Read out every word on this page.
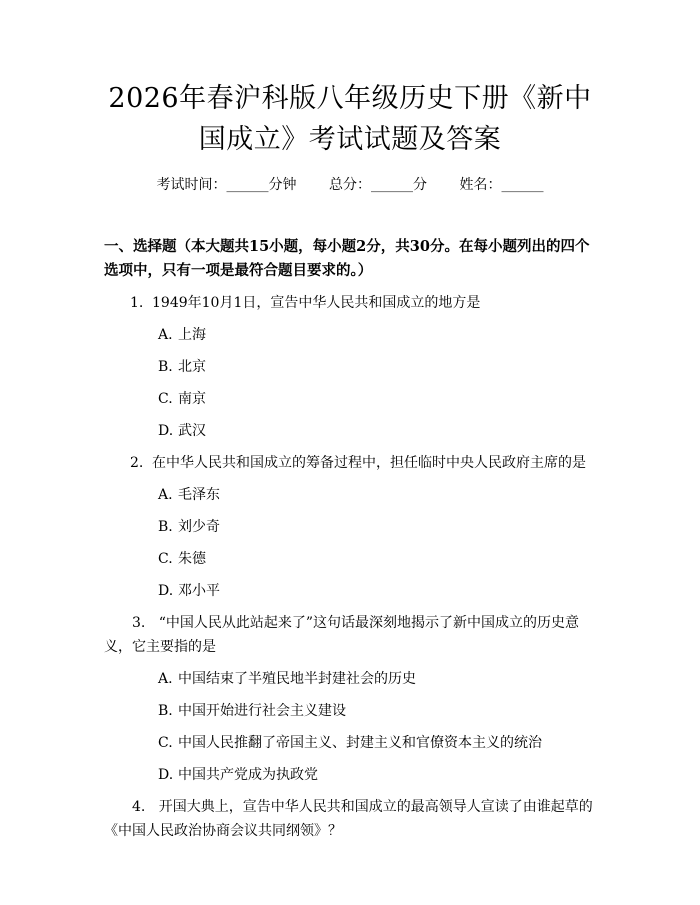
2026年春沪科版八年级历史下册《新中国成立》考试试题及答案
考试时间：______分钟 总分：______分 姓名：______
一、选择题（本大题共15小题，每小题2分，共30分。在每小题列出的四个选项中，只有一项是最符合题目要求的。）
1. 1949年10月1日，宣告中华人民共和国成立的地方是
A. 上海
B. 北京
C. 南京
D. 武汉
2. 在中华人民共和国成立的筹备过程中，担任临时中央人民政府主席的是
A. 毛泽东
B. 刘少奇
C. 朱德
D. 邓小平
3. “中国人民从此站起来了”这句话最深刻地揭示了新中国成立的历史意义，它主要指的是
A. 中国结束了半殖民地半封建社会的历史
B. 中国开始进行社会主义建设
C. 中国人民推翻了帝国主义、封建主义和官僚资本主义的统治
D. 中国共产党成为执政党
4. 开国大典上，宣告中华人民共和国成立的最高领导人宣读了由谁起草的《中国人民政治协商会议共同纲领》？
